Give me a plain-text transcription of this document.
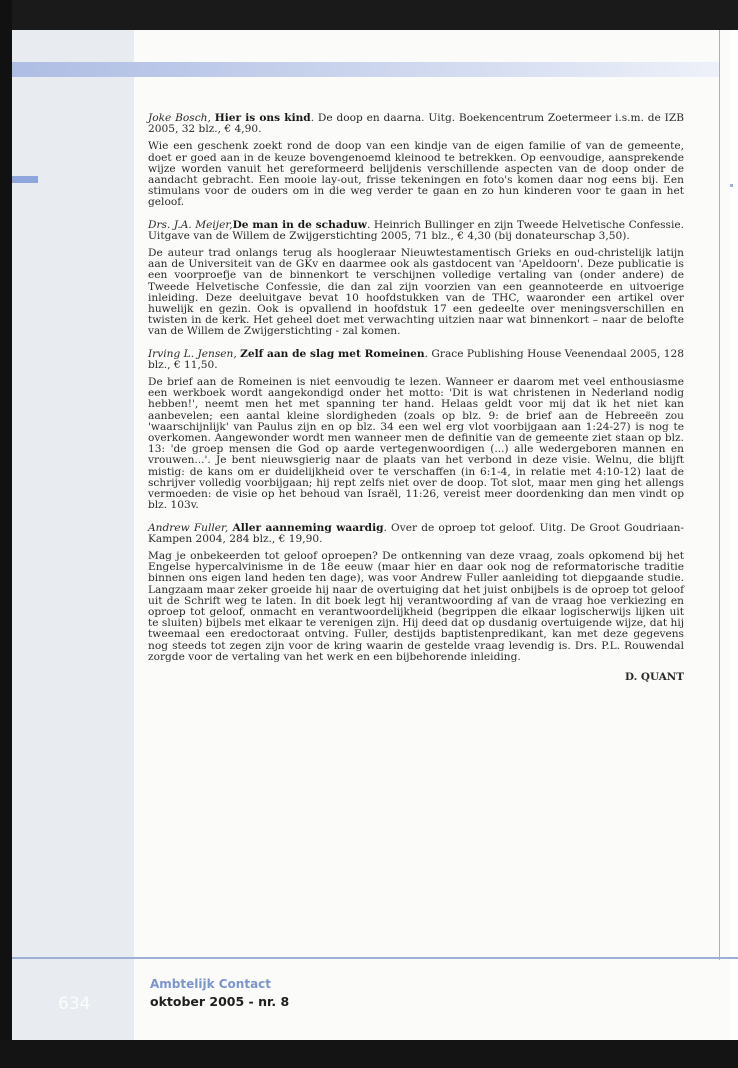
Joke Bosch, Hier is ons kind. De doop en daarna. Uitg. Boekencentrum Zoetermeer i.s.m. de IZB 2005, 32 blz., € 4,90.

Wie een geschenk zoekt rond de doop van een kindje van de eigen familie of van de gemeente, doet er goed aan in de keuze bovengenoemd kleinood te betrekken. Op eenvoudige, aansprekende wijze worden vanuit het gereformeerd belijdenis verschillende aspecten van de doop onder de aandacht gebracht. Een mooie lay-out, frisse tekeningen en foto's komen daar nog eens bij. Een stimulans voor de ouders om in die weg verder te gaan en zo hun kinderen voor te gaan in het geloof.

Drs. J.A. Meijer,De man in de schaduw. Heinrich Bullinger en zijn Tweede Helvetische Confessie. Uitgave van de Willem de Zwijgerstichting 2005, 71 blz., € 4,30 (bij donateurschap 3,50).

De auteur trad onlangs terug als hoogleraar Nieuwtestamentisch Grieks en oud-christelijk latijn aan de Universiteit van de GKv en daarmee ook als gastdocent van 'Apeldoorn'. Deze publicatie is een voorproefje van de binnenkort te verschijnen volledige vertaling van (onder andere) de Tweede Helvetische Confessie, die dan zal zijn voorzien van een geannoteerde en uitvoerige inleiding. Deze deeluitgave bevat 10 hoofdstukken van de THC, waaronder een artikel over huwelijk en gezin. Ook is opvallend in hoofdstuk 17 een gedeelte over meningsverschillen en twisten in de kerk. Het geheel doet met verwachting uitzien naar wat binnenkort – naar de belofte van de Willem de Zwijgerstichting - zal komen.

Irving L. Jensen, Zelf aan de slag met Romeinen. Grace Publishing House Veenendaal 2005, 128 blz., € 11,50.

De brief aan de Romeinen is niet eenvoudig te lezen. Wanneer er daarom met veel enthousiasme een werkboek wordt aangekondigd onder het motto: 'Dit is wat christenen in Nederland nodig hebben!', neemt men het met spanning ter hand. Helaas geldt voor mij dat ik het niet kan aanbevelen; een aantal kleine slordigheden (zoals op blz. 9: de brief aan de Hebreeën zou 'waarschijnlijk' van Paulus zijn en op blz. 34 een wel erg vlot voorbijgaan aan 1:24-27) is nog te overkomen. Aangewonder wordt men wanneer men de definitie van de gemeente ziet staan op blz. 13: 'de groep mensen die God op aarde vertegenwoordigen (...) alle wedergeboren mannen en vrouwen...'. Je bent nieuwsgierig naar de plaats van het verbond in deze visie. Welnu, die blijft mistig: de kans om er duidelijkheid over te verschaffen (in 6:1-4, in relatie met 4:10-12) laat de schrijver volledig voorbijgaan; hij rept zelfs niet over de doop. Tot slot, maar men ging het allengs vermoeden: de visie op het behoud van Israël, 11:26, vereist meer doordenking dan men vindt op blz. 103v.

Andrew Fuller, Aller aanneming waardig. Over de oproep tot geloof. Uitg. De Groot Goudriaan-Kampen 2004, 284 blz., € 19,90.

Mag je onbekeerden tot geloof oproepen? De ontkenning van deze vraag, zoals opkomend bij het Engelse hypercalvinisme in de 18e eeuw (maar hier en daar ook nog de reformatorische traditie binnen ons eigen land heden ten dage), was voor Andrew Fuller aanleiding tot diepgaande studie. Langzaam maar zeker groeide hij naar de overtuiging dat het juist onbijbels is de oproep tot geloof uit de Schrift weg te laten. In dit boek legt hij verantwoording af van de vraag hoe verkiezing en oproep tot geloof, onmacht en verantwoordelijkheid (begrippen die elkaar logischerwijs lijken uit te sluiten) bijbels met elkaar te verenigen zijn. Hij deed dat op dusdanig overtuigende wijze, dat hij tweemaal een eredoctoraat ontving. Fuller, destijds baptistenpredikant, kan met deze gegevens nog steeds tot zegen zijn voor de kring waarin de gestelde vraag levendig is. Drs. P.L. Rouwendal zorgde voor de vertaling van het werk en een bijbehorende inleiding.

D. QUANT

Ambtelijk Contact
oktober 2005 - nr. 8
634
